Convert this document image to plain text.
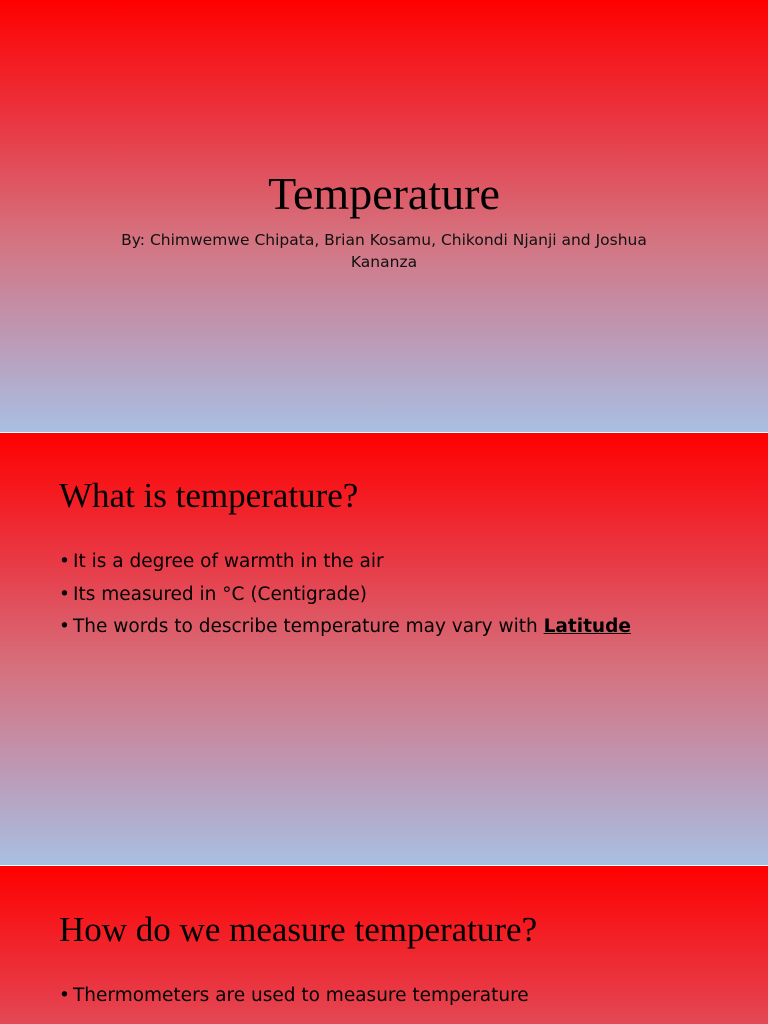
Temperature
By: Chimwemwe Chipata, Brian Kosamu, Chikondi Njanji and Joshua Kananza
What is temperature?
• It is a degree of warmth in the air
• Its measured in °C (Centigrade)
• The words to describe temperature may vary with Latitude
How do we measure temperature?
• Thermometers are used to measure temperature
